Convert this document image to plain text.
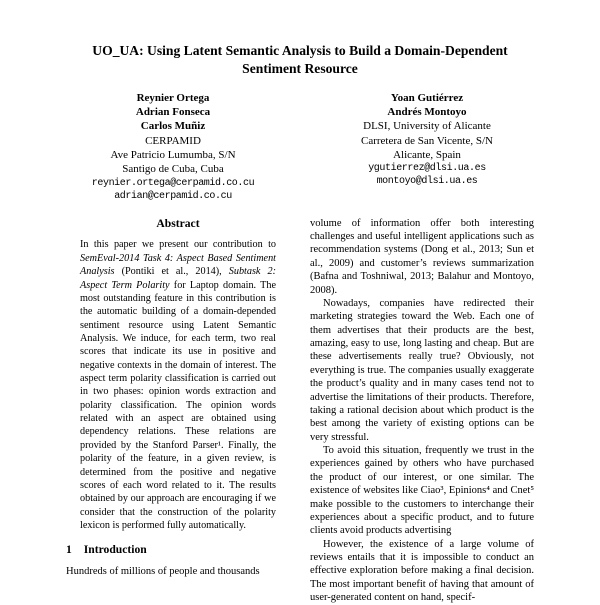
UO_UA: Using Latent Semantic Analysis to Build a Domain-Dependent Sentiment Resource
Reynier Ortega
Adrian Fonseca
Carlos Muñiz
CERPAMID
Ave Patricio Lumumba, S/N
Santigo de Cuba, Cuba
reynier.ortega@cerpamid.co.cu
adrian@cerpamid.co.cu
Yoan Gutiérrez
Andrés Montoyo
DLSI, University of Alicante
Carretera de San Vicente, S/N
Alicante, Spain
ygutierrez@dlsi.ua.es
montoyo@dlsi.ua.es
Abstract

In this paper we present our contribution to SemEval-2014 Task 4: Aspect Based Sentiment Analysis (Pontiki et al., 2014), Subtask 2: Aspect Term Polarity for Laptop domain. The most outstanding feature in this contribution is the automatic building of a domain-depended sentiment resource using Latent Semantic Analysis. We induce, for each term, two real scores that indicate its use in positive and negative contexts in the domain of interest. The aspect term polarity classification is carried out in two phases: opinion words extraction and polarity classification. The opinion words related with an aspect are obtained using dependency relations. These relations are provided by the Stanford Parser¹. Finally, the polarity of the feature, in a given review, is determined from the positive and negative scores of each word related to it. The results obtained by our approach are encouraging if we consider that the construction of the polarity lexicon is performed fully automatically.

1 Introduction

Hundreds of millions of people and thousands

volume of information offer both interesting challenges and useful intelligent applications such as recommendation systems (Dong et al., 2013; Sun et al., 2009) and customer’s reviews summarization (Bafna and Toshniwal, 2013; Balahur and Montoyo, 2008).

Nowadays, companies have redirected their marketing strategies toward the Web. Each one of them advertises that their products are the best, amazing, easy to use, long lasting and cheap. But are these advertisements really true? Obviously, not everything is true. The companies usually exaggerate the product’s quality and in many cases tend not to advertise the limitations of their products. Therefore, taking a rational decision about which product is the best among the variety of existing options can be very stressful.

To avoid this situation, frequently we trust in the experiences gained by others who have purchased the product of our interest, or one similar. The existence of websites like Ciao³, Epinions⁴ and Cnet⁵ make possible to the customers to interchange their experiences about a specific product, and to future clients avoid products advertising

However, the existence of a large volume of reviews entails that it is impossible to conduct an effective exploration before making a final decision. The most important benefit of having that amount of user-generated content on hand, specif-
